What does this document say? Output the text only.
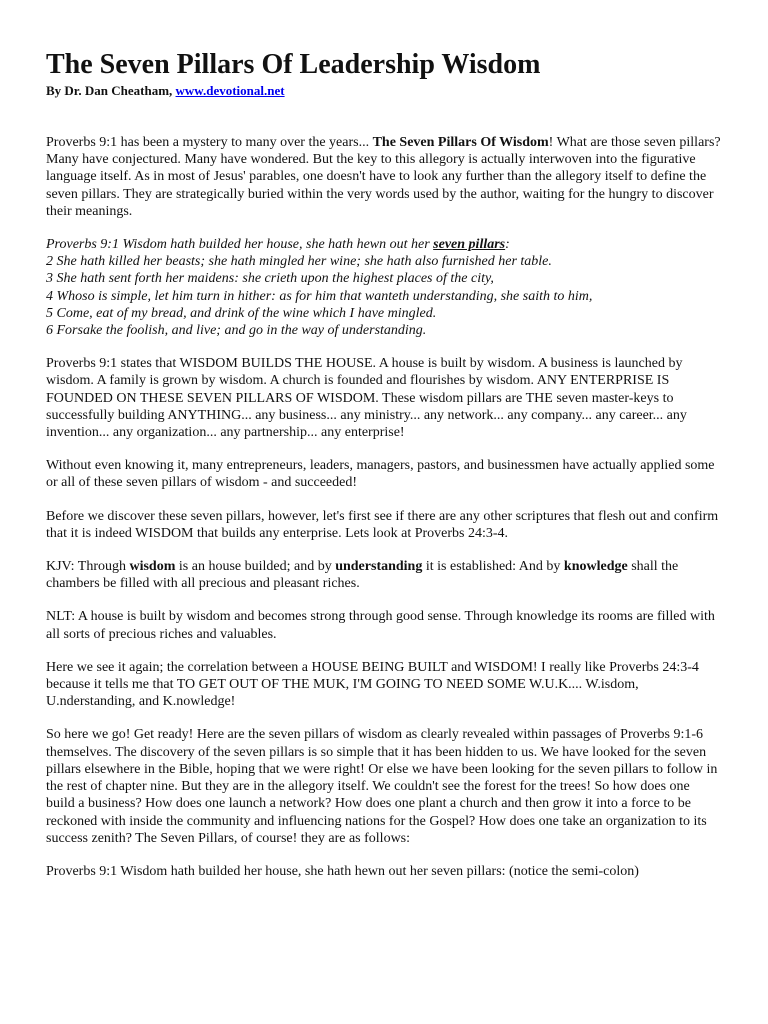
The Seven Pillars Of Leadership Wisdom

By Dr. Dan Cheatham, www.devotional.net

Proverbs 9:1 has been a mystery to many over the years... The Seven Pillars Of Wisdom! What are those seven pillars? Many have conjectured. Many have wondered. But the key to this allegory is actually interwoven into the figurative language itself. As in most of Jesus' parables, one doesn't have to look any further than the allegory itself to define the seven pillars. They are strategically buried within the very words used by the author, waiting for the hungry to discover their meanings.

Proverbs 9:1 Wisdom hath builded her house, she hath hewn out her seven pillars:
2 She hath killed her beasts; she hath mingled her wine; she hath also furnished her table.
3 She hath sent forth her maidens: she crieth upon the highest places of the city,
4 Whoso is simple, let him turn in hither: as for him that wanteth understanding, she saith to him,
5 Come, eat of my bread, and drink of the wine which I have mingled.
6 Forsake the foolish, and live; and go in the way of understanding.

Proverbs 9:1 states that WISDOM BUILDS THE HOUSE. A house is built by wisdom. A business is launched by wisdom. A family is grown by wisdom. A church is founded and flourishes by wisdom. ANY ENTERPRISE IS FOUNDED ON THESE SEVEN PILLARS OF WISDOM. These wisdom pillars are THE seven master-keys to successfully building ANYTHING... any business... any ministry... any network... any company... any career... any invention... any organization... any partnership... any enterprise!

Without even knowing it, many entrepreneurs, leaders, managers, pastors, and businessmen have actually applied some or all of these seven pillars of wisdom - and succeeded!

Before we discover these seven pillars, however, let's first see if there are any other scriptures that flesh out and confirm that it is indeed WISDOM that builds any enterprise. Lets look at Proverbs 24:3-4.

KJV: Through wisdom is an house builded; and by understanding it is established: And by knowledge shall the chambers be filled with all precious and pleasant riches.

NLT: A house is built by wisdom and becomes strong through good sense. Through knowledge its rooms are filled with all sorts of precious riches and valuables.

Here we see it again; the correlation between a HOUSE BEING BUILT and WISDOM! I really like Proverbs 24:3-4 because it tells me that TO GET OUT OF THE MUK, I'M GOING TO NEED SOME W.U.K.... W.isdom, U.nderstanding, and K.nowledge!

So here we go! Get ready! Here are the seven pillars of wisdom as clearly revealed within passages of Proverbs 9:1-6 themselves. The discovery of the seven pillars is so simple that it has been hidden to us. We have looked for the seven pillars elsewhere in the Bible, hoping that we were right! Or else we have been looking for the seven pillars to follow in the rest of chapter nine. But they are in the allegory itself. We couldn't see the forest for the trees! So how does one build a business? How does one launch a network? How does one plant a church and then grow it into a force to be reckoned with inside the community and influencing nations for the Gospel? How does one take an organization to its success zenith? The Seven Pillars, of course! they are as follows:

Proverbs 9:1 Wisdom hath builded her house, she hath hewn out her seven pillars: (notice the semi-colon)
